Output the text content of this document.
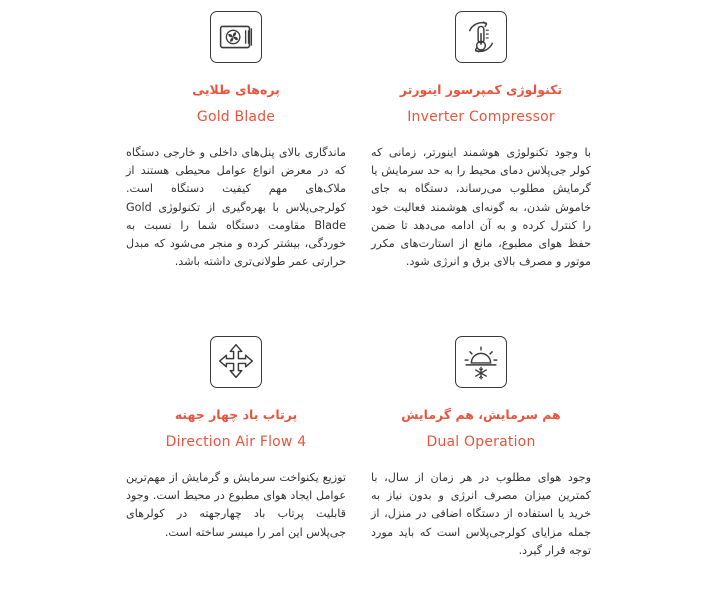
پره‌های طلایی
Gold Blade
ماندگاری بالای پنل‌های داخلی و خارجی دستگاه که در معرض انواع عوامل محیطی هستند از ملاک‌های مهم کیفیت دستگاه است. کولرجی‌پلاس با بهره‌گیری از تکنولوژی Gold Blade مقاومت دستگاه شما را نسبت به خوردگی، بیشتر کرده و منجر می‌شود که مبدل حرارتی عمر طولانی‌تری داشته باشد.
تکنولوژی کمپرسور اینورتر
Inverter Compressor
با وجود تکنولوژی هوشمند اینورتر، زمانی که کولر جی‌پلاس دمای محیط را به حد سرمایش یا گرمایش مطلوب می‌رساند، دستگاه به جای خاموش شدن، به گونه‌ای هوشمند فعالیت خود را کنترل کرده و به آن ادامه می‌دهد تا ضمن حفظ هوای مطبوع، مانع از استارت‌های مکرر موتور و مصرف بالای برق و انرژی شود.
پرتاب باد چهار جهته
Direction Air Flow 4
توزیع یکنواخت سرمایش و گرمایش از مهم‌ترین عوامل ایجاد هوای مطبوع در محیط است. وجود قابلیت پرتاب باد چهارجهته در کولرهای جی‌پلاس این امر را میسر ساخته است.
هم سرمایش، هم گرمایش
Dual Operation
وجود هوای مطلوب در هر زمان از سال، با کمترین میزان مصرف انرژی و بدون نیاز به خرید یا استفاده از دستگاه اضافی در منزل، از جمله مزایای کولرجی‌پلاس است که باید مورد توجه قرار گیرد.
